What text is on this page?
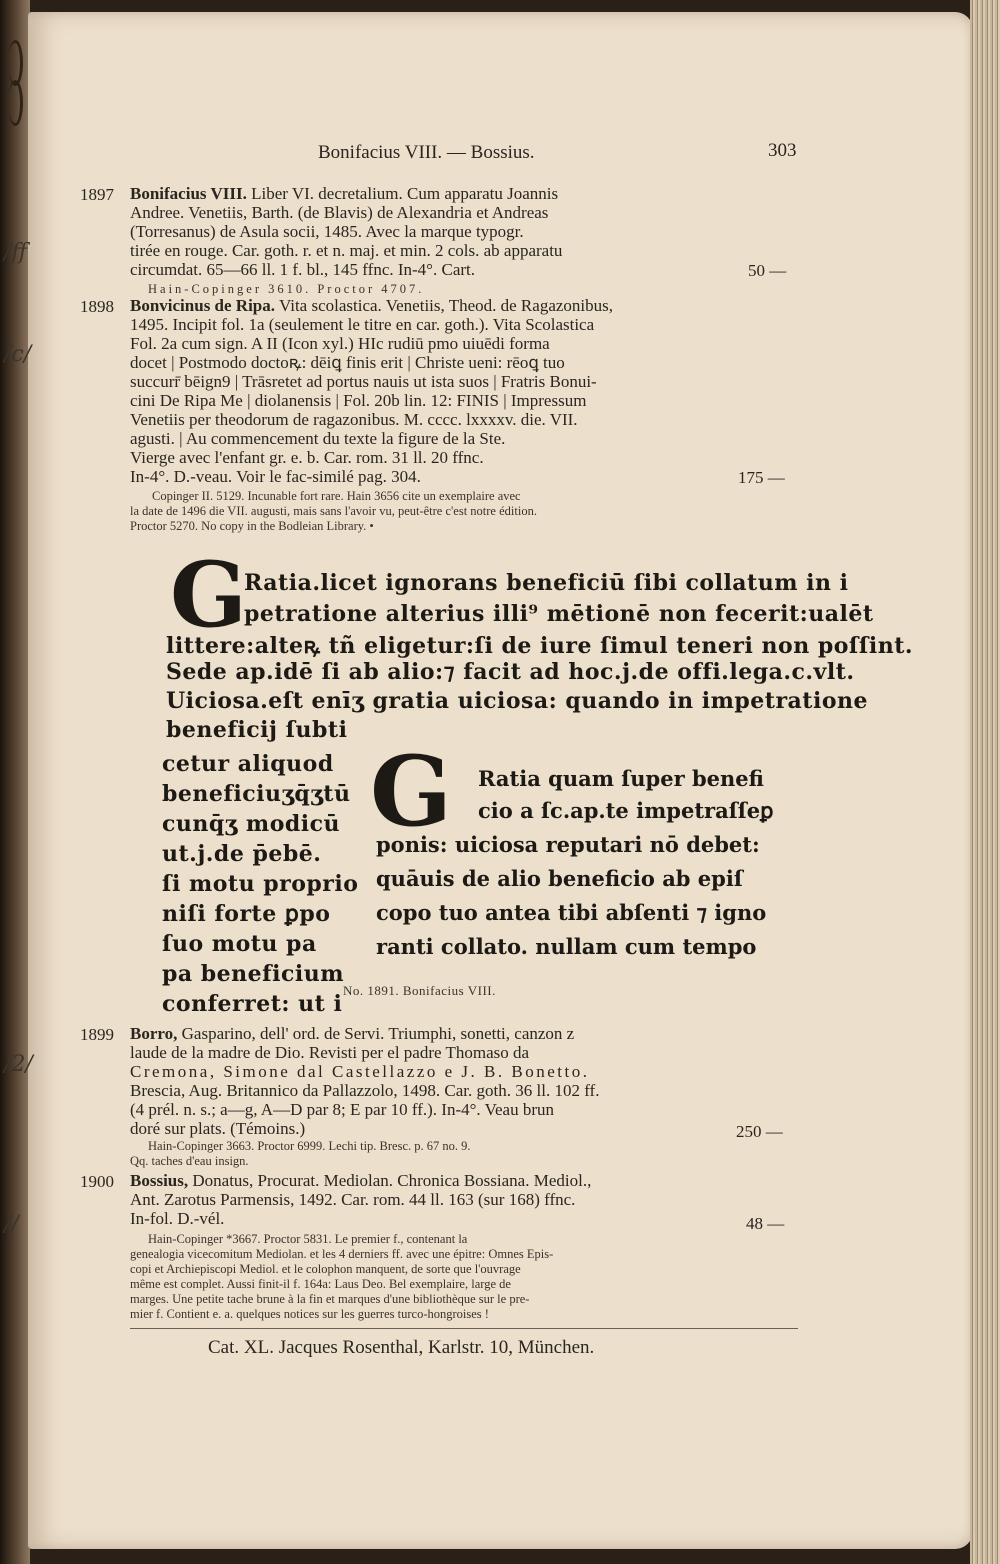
Bonifacius VIII. — Bossius.	303
/ff
/c/
/2/
//
1897 Bonifacius VIII. Liber VI. decretalium. Cum apparatu Joannis
Andree. Venetiis, Barth. (de Blavis) de Alexandria et Andreas
(Torresanus) de Asula socii, 1485. Avec la marque typogr.
tirée en rouge. Car. goth. r. et n. maj. et min. 2 cols. ab apparatu
circumdat. 65—66 ll. 1 f. bl., 145 ffnc. In-4°. Cart.	50 —
Hain-Copinger 3610. Proctor 4707.
1898 Bonvicinus de Ripa. Vita scolastica. Venetiis, Theod. de Ragazonibus,
1495. Incipit fol. 1a (seulement le titre en car. goth.). Vita Scolastica
Fol. 2a cum sign. A II (Icon xyl.) HIc rudiū pmo uiuēdi forma
docet | Postmodo doctoꝶ: dēiꝗ finis erit | Christe ueni: rēoꝗ tuo
succurr̄ bēign9 | Trāsretet ad portus nauis ut ista suos | Fratris Bonui-
cini De Ripa Me | diolanensis | Fol. 20b lin. 12: FINIS | Impressum
Venetiis per theodorum de ragazonibus. M. cccc. lxxxxv. die. VII.
agusti. | Au commencement du texte la figure de la Ste.
Vierge avec l'enfant gr. e. b. Car. rom. 31 ll. 20 ffnc.
In-4°. D.-veau. Voir le fac-similé pag. 304.	175 —
Copinger II. 5129. Incunable fort rare. Hain 3656 cite un exemplaire avec
la date de 1496 die VII. augusti, mais sans l'avoir vu, peut-être c'est notre édition.
Proctor 5270. No copy in the Bodleian Library. •
G
Ratia.licet ignorans beneficiū ſibi collatum in i
petratione alterius illi⁹ mētionē non fecerit:ualēt
littere:alteꝶ tñ eligetur:ſi de iure ſimul teneri non poſſint.
Sede ap.idē ſi ab alio:⁊ facit ad hoc.j.de offi.lega.c.vlt.
Uiciosa.eſt enīʒ gratia uiciosa: quando in impetratione
beneficij ſubti
cetur aliquod
beneficiuʒq̄ʒtū
cunq̄ʒ modicū
ut.j.de p̄ebē.
ſi motu proprio
niſi forte ꝑpo
ſuo motu pa
pa beneficium
conferret: ut i
G Ratia quam ſuper benefi
cio a ſc.ap.te impetraſſeꝑ
ponis: uiciosa reputari nō debet:
quāuis de alio beneficio ab epiſ
copo tuo antea tibi abſenti ⁊ igno
ranti collato. nullam cum tempo
No. 1891. Bonifacius VIII.
1899 Borro, Gasparino, dell' ord. de Servi. Triumphi, sonetti, canzon z
laude de la madre de Dio. Revisti per el padre Thomaso da
Cremona, Simone dal Castellazzo e J. B. Bonetto.
Brescia, Aug. Britannico da Pallazzolo, 1498. Car. goth. 36 ll. 102 ff.
(4 prél. n. s.; a—g, A—D par 8; E par 10 ff.). In-4°. Veau brun
doré sur plats. (Témoins.)	250 —
Hain-Copinger 3663. Proctor 6999. Lechi tip. Bresc. p. 67 no. 9.
Qq. taches d'eau insign.
1900 Bossius, Donatus, Procurat. Mediolan. Chronica Bossiana. Mediol.,
Ant. Zarotus Parmensis, 1492. Car. rom. 44 ll. 163 (sur 168) ffnc.
In-fol. D.-vél.	48 —
Hain-Copinger *3667. Proctor 5831. Le premier f., contenant la
genealogia vicecomitum Mediolan. et les 4 derniers ff. avec une épitre: Omnes Epis-
copi et Archiepiscopi Mediol. et le colophon manquent, de sorte que l'ouvrage
même est complet. Aussi finit-il f. 164a: Laus Deo. Bel exemplaire, large de
marges. Une petite tache brune à la fin et marques d'une bibliothèque sur le pre-
mier f. Contient e. a. quelques notices sur les guerres turco-hongroises !
Cat. XL. Jacques Rosenthal, Karlstr. 10, München.
